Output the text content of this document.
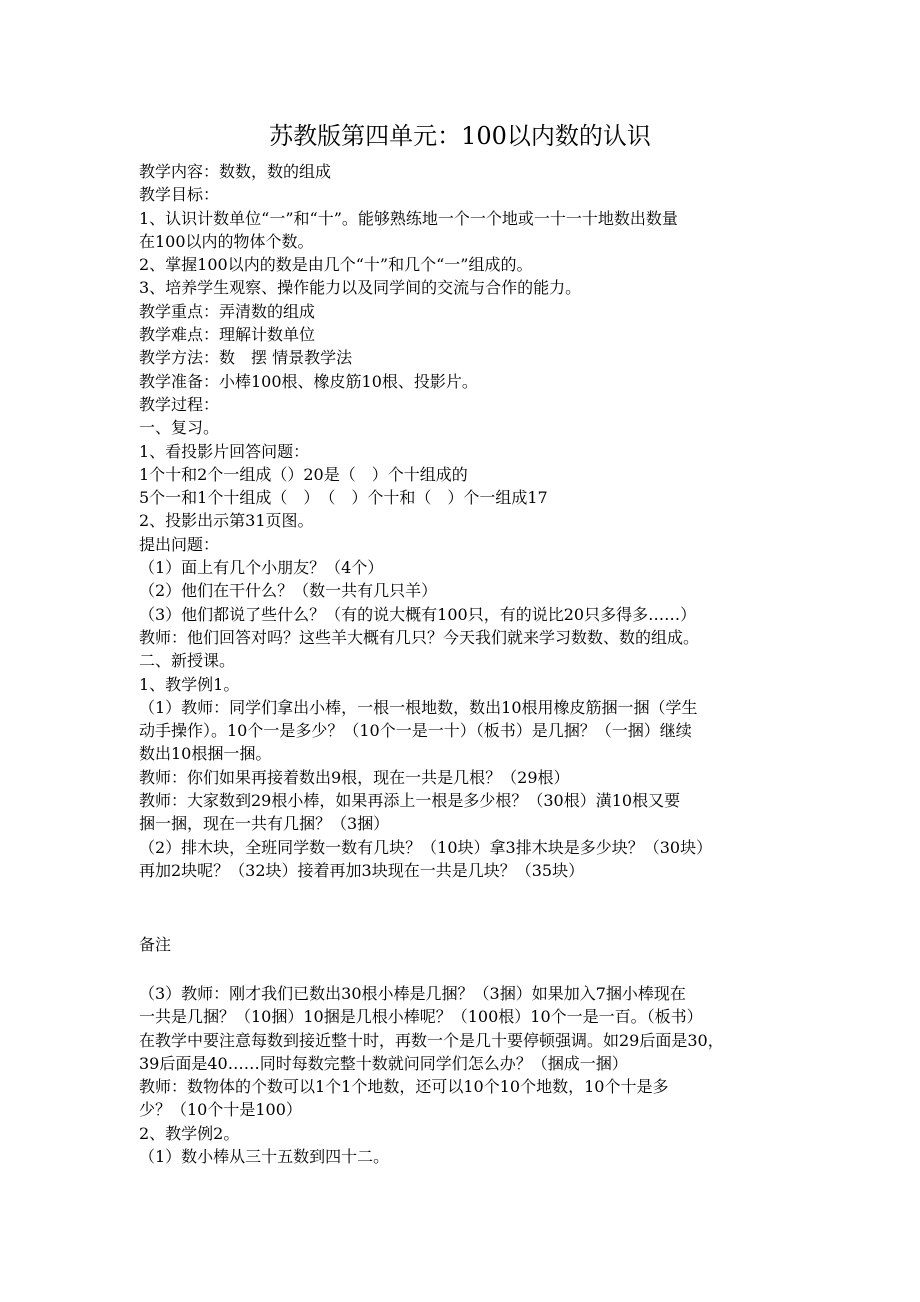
苏教版第四单元：100以内数的认识
教学内容：数数，数的组成
教学目标：
1、认识计数单位“一”和“十”。能够熟练地一个一个地或一十一十地数出数量
在100以内的物体个数。
2、掌握100以内的数是由几个“十”和几个“一”组成的。
3、培养学生观察、操作能力以及同学间的交流与合作的能力。
教学重点：弄清数的组成
教学难点：理解计数单位
教学方法：数　摆 情景教学法
教学准备：小棒100根、橡皮筋10根、投影片。
教学过程：
一、复习。
1、看投影片回答问题：
1个十和2个一组成（）20是（　）个十组成的
5个一和1个十组成（　）　（　）个十和（　）个一组成17
2、投影出示第31页图。
提出问题：
（1）面上有几个小朋友？（4个）
（2）他们在干什么？（数一共有几只羊）
（3）他们都说了些什么？（有的说大概有100只，有的说比20只多得多……）
教师：他们回答对吗？这些羊大概有几只？今天我们就来学习数数、数的组成。
二、新授课。
1、教学例1。
（1）教师：同学们拿出小棒，一根一根地数，数出10根用橡皮筋捆一捆（学生
动手操作）。10个一是多少？（10个一是一十）（板书）是几捆？（一捆）继续
数出10根捆一捆。
教师：你们如果再接着数出9根，现在一共是几根？（29根）
教师：大家数到29根小棒，如果再添上一根是多少根？（30根）潢10根又要
捆一捆，现在一共有几捆？（3捆）
（2）排木块，全班同学数一数有几块？（10块）拿3排木块是多少块？（30块）
再加2块呢？（32块）接着再加3块现在一共是几块？（35块）
备注
（3）教师：刚才我们已数出30根小棒是几捆？（3捆）如果加入7捆小棒现在
一共是几捆？（10捆）10捆是几根小棒呢？（100根）10个一是一百。（板书）
在教学中要注意每数到接近整十时，再数一个是几十要停顿强调。如29后面是30，
39后面是40……同时每数完整十数就问同学们怎么办？（捆成一捆）
教师：数物体的个数可以1个1个地数，还可以10个10个地数，10个十是多
少？（10个十是100）
2、教学例2。
（1）数小棒从三十五数到四十二。
